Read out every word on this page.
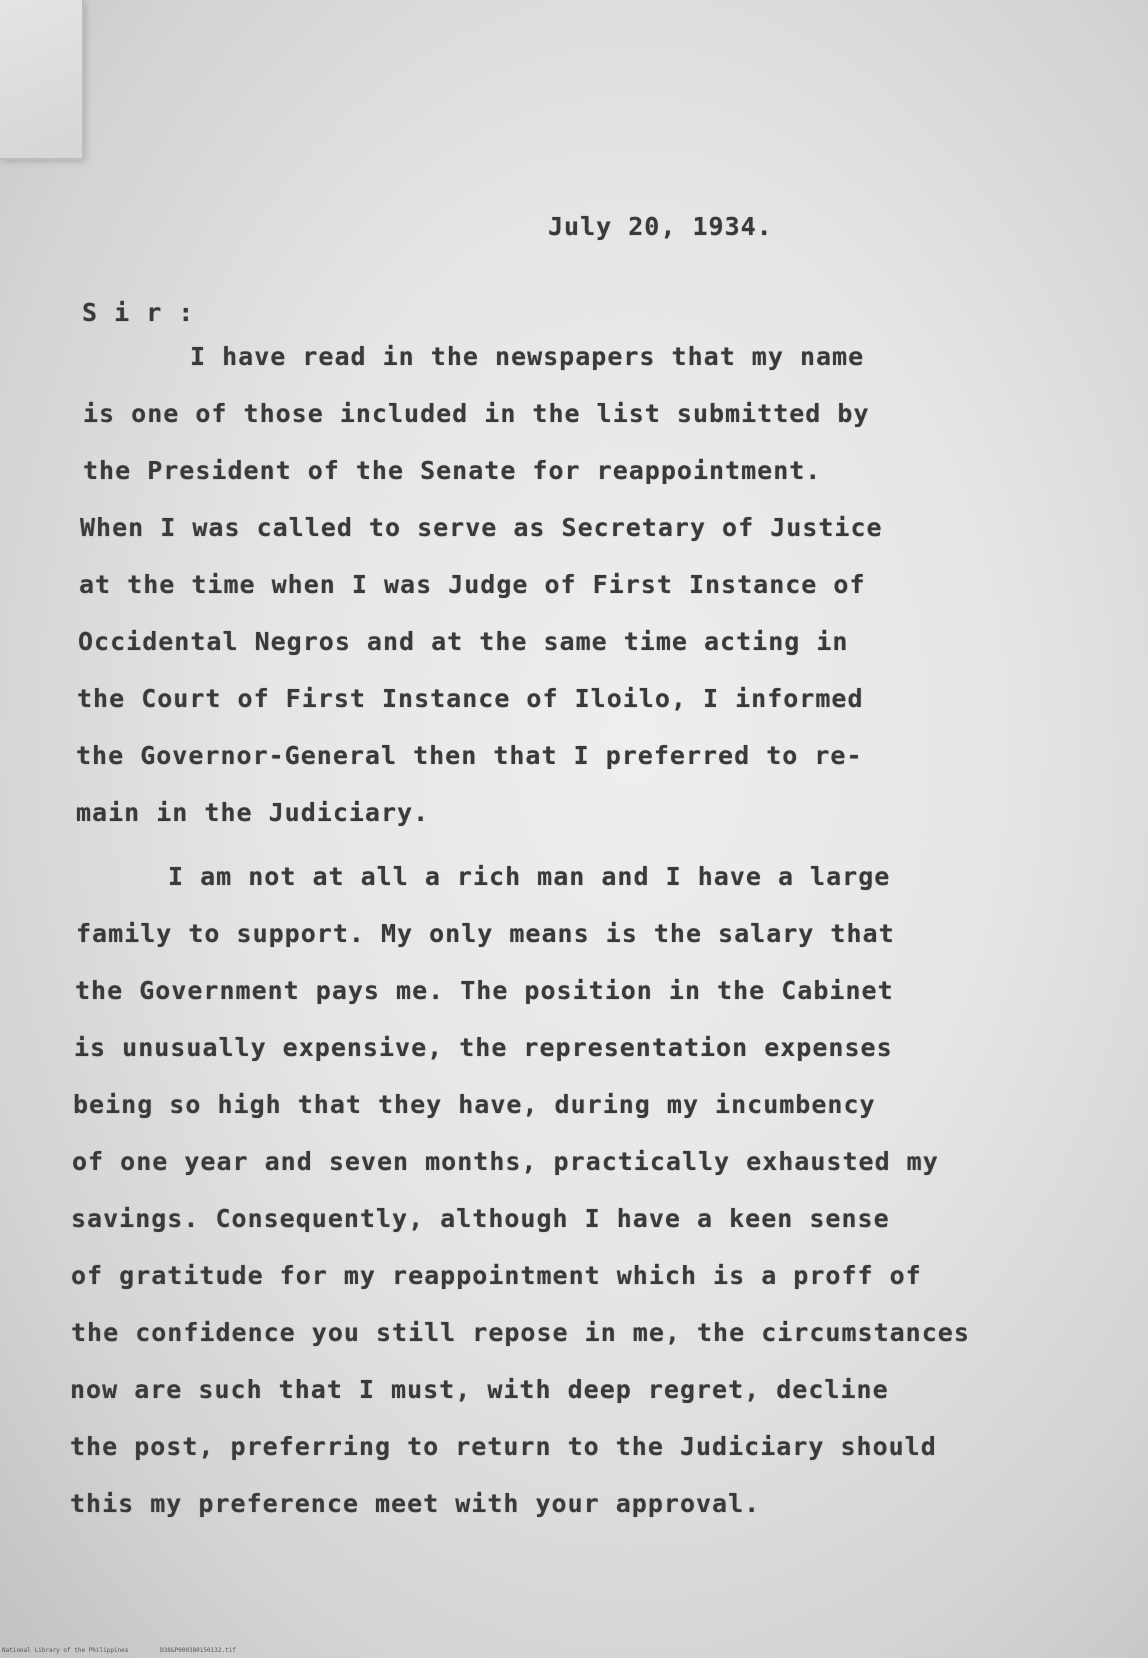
July 20, 1934.
S i r :
I have read in the newspapers that my name
is one of those included in the list submitted by
the President of the Senate for reappointment.
When I was called to serve as Secretary of Justice
at the time when I was Judge of First Instance of
Occidental Negros and at the same time acting in
the Court of First Instance of Iloilo, I informed
the Governor-General then that I preferred to re-
main in the Judiciary.
I am not at all a rich man and I have a large
family to support. My only means is the salary that
the Government pays me. The position in the Cabinet
is unusually expensive, the representation expenses
being so high that they have, during my incumbency
of one year and seven months, practically exhausted my
savings. Consequently, although I have a keen sense
of gratitude for my reappointment which is a proff of
the confidence you still repose in me, the circumstances
now are such that I must, with deep regret, decline
the post, preferring to return to the Judiciary should
this my preference meet with your approval.
National Library of the Philippines	D38&P000380150132.tif
